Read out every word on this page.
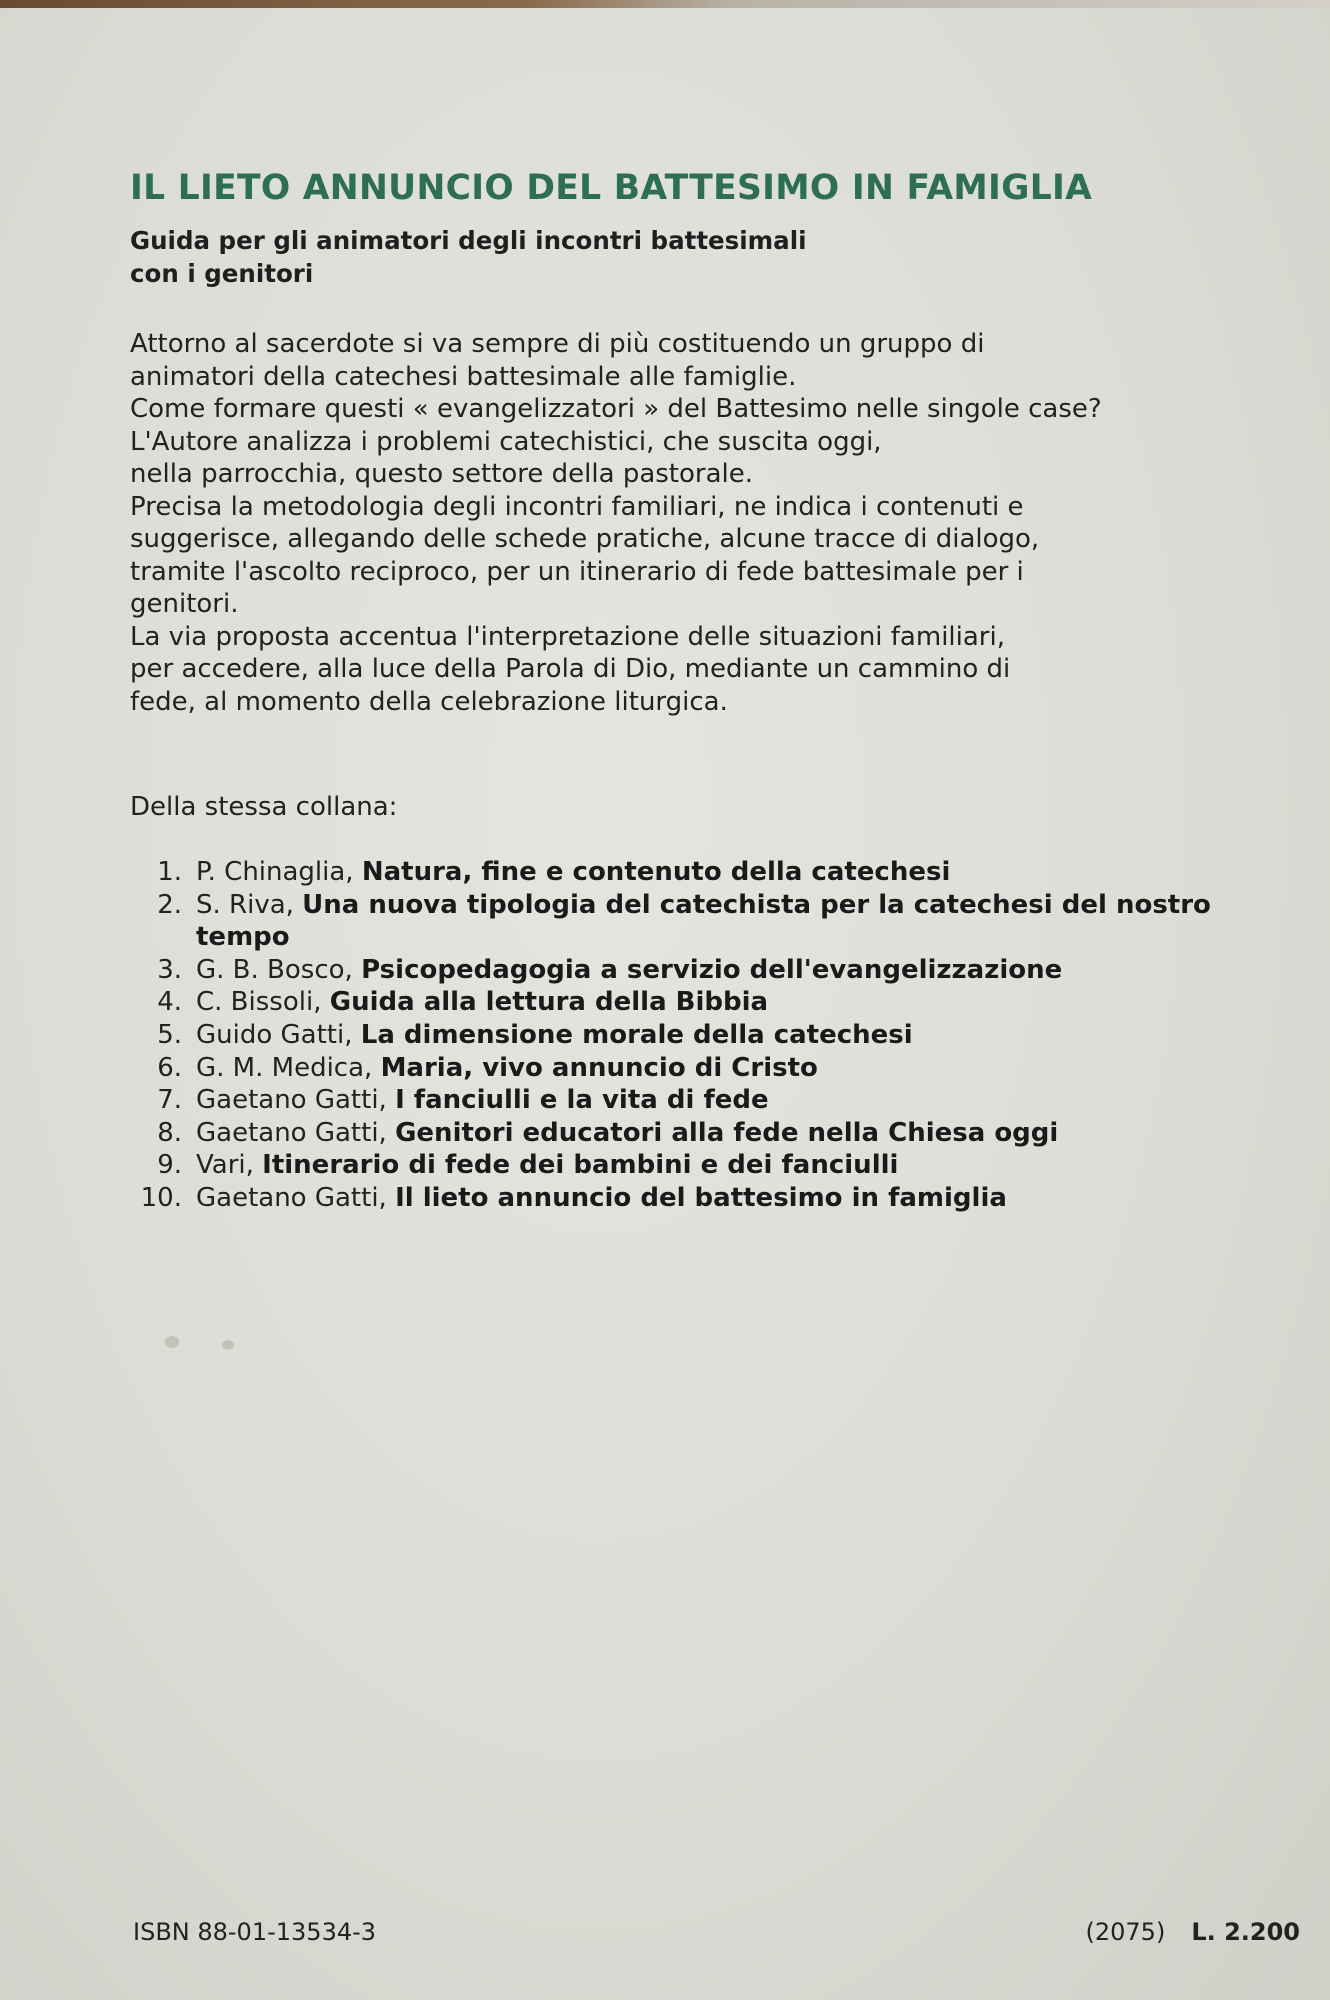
IL LIETO ANNUNCIO DEL BATTESIMO IN FAMIGLIA
Guida per gli animatori degli incontri battesimali
con i genitori
Attorno al sacerdote si va sempre di più costituendo un gruppo di
animatori della catechesi battesimale alle famiglie.
Come formare questi « evangelizzatori » del Battesimo nelle singole case?
L'Autore analizza i problemi catechistici, che suscita oggi,
nella parrocchia, questo settore della pastorale.
Precisa la metodologia degli incontri familiari, ne indica i contenuti e
suggerisce, allegando delle schede pratiche, alcune tracce di dialogo,
tramite l'ascolto reciproco, per un itinerario di fede battesimale per i
genitori.
La via proposta accentua l'interpretazione delle situazioni familiari,
per accedere, alla luce della Parola di Dio, mediante un cammino di
fede, al momento della celebrazione liturgica.
Della stessa collana:
1. P. Chinaglia, Natura, fine e contenuto della catechesi
2. S. Riva, Una nuova tipologia del catechista per la catechesi del nostro tempo
3. G. B. Bosco, Psicopedagogia a servizio dell'evangelizzazione
4. C. Bissoli, Guida alla lettura della Bibbia
5. Guido Gatti, La dimensione morale della catechesi
6. G. M. Medica, Maria, vivo annuncio di Cristo
7. Gaetano Gatti, I fanciulli e la vita di fede
8. Gaetano Gatti, Genitori educatori alla fede nella Chiesa oggi
9. Vari, Itinerario di fede dei bambini e dei fanciulli
10. Gaetano Gatti, Il lieto annuncio del battesimo in famiglia
ISBN 88-01-13534-3	(2075) L. 2.200
